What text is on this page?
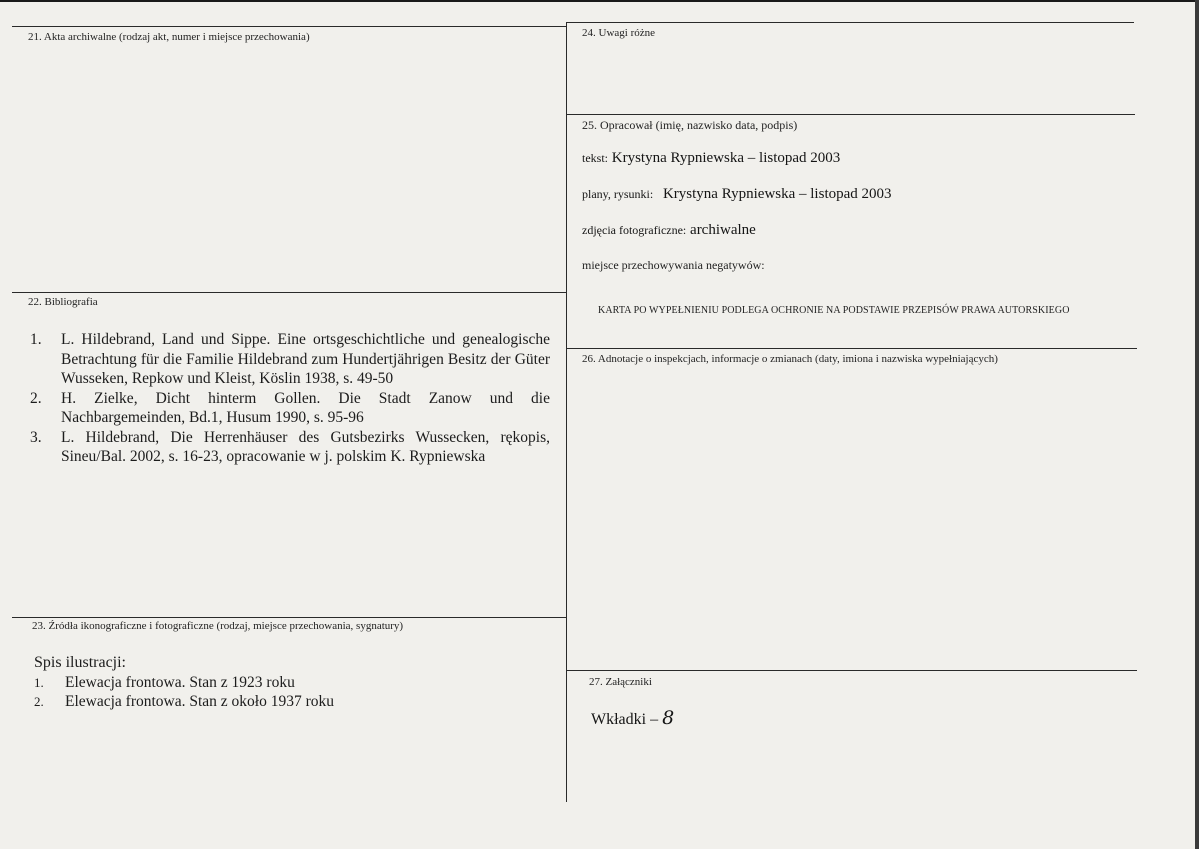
21. Akta archiwalne (rodzaj akt, numer i miejsce przechowania)
22. Bibliografia
1. L. Hildebrand, Land und Sippe. Eine ortsgeschichtliche und genealogische Betrachtung für die Familie Hildebrand zum Hundertjährigen Besitz der Güter Wusseken, Repkow und Kleist, Köslin 1938, s. 49-50
2. H. Zielke, Dicht hinterm Gollen. Die Stadt Zanow und die Nachbargemeinden, Bd.1, Husum 1990, s. 95-96
3. L. Hildebrand, Die Herrenhäuser des Gutsbezirks Wussecken, rękopis, Sineu/Bal. 2002, s. 16-23, opracowanie w j. polskim K. Rypniewska
23. Źródła ikonograficzne i fotograficzne (rodzaj, miejsce przechowania, sygnatury)
Spis ilustracji:
1. Elewacja frontowa. Stan z 1923 roku
2. Elewacja frontowa. Stan z około 1937 roku
24. Uwagi różne
25. Opracował (imię, nazwisko data, podpis)
tekst: Krystyna Rypniewska – listopad 2003
plany, rysunki: Krystyna Rypniewska – listopad 2003
zdjęcia fotograficzne: archiwalne
miejsce przechowywania negatywów:
KARTA PO WYPEŁNIENIU PODLEGA OCHRONIE NA PODSTAWIE PRZEPISÓW PRAWA AUTORSKIEGO
26. Adnotacje o inspekcjach, informacje o zmianach (daty, imiona i nazwiska wypełniających)
27. Załączniki
Wkładki – 8
